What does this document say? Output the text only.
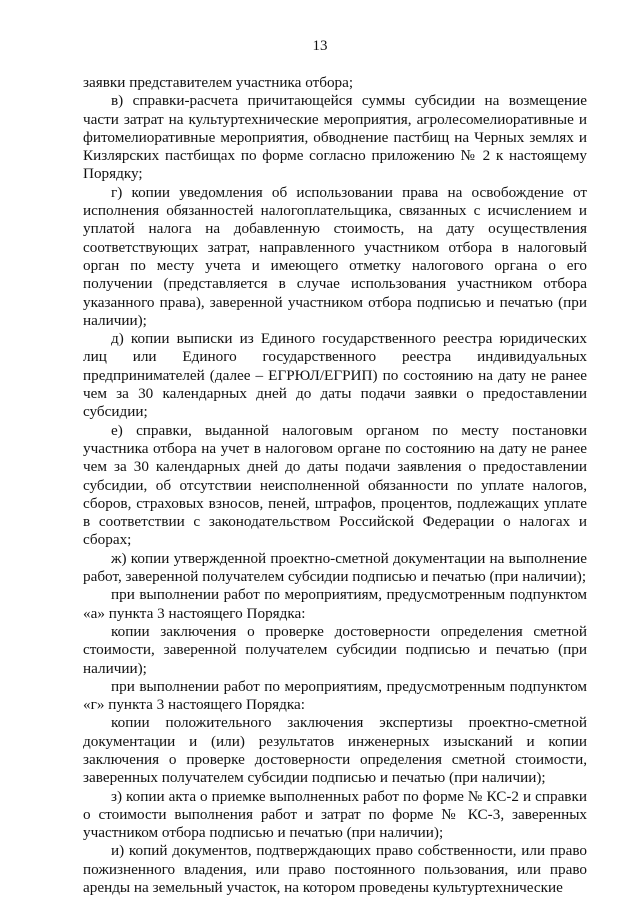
13

заявки представителем участника отбора;

в) справки-расчета причитающейся суммы субсидии на возмещение части затрат на культуртехнические мероприятия, агролесомелиоративные и фитомелиоративные мероприятия, обводнение пастбищ на Черных землях и Кизлярских пастбищах по форме согласно приложению № 2 к настоящему Порядку;

г) копии уведомления об использовании права на освобождение от исполнения обязанностей налогоплательщика, связанных с исчислением и уплатой налога на добавленную стоимость, на дату осуществления соответствующих затрат, направленного участником отбора в налоговый орган по месту учета и имеющего отметку налогового органа о его получении (представляется в случае использования участником отбора указанного права), заверенной участником отбора подписью и печатью (при наличии);

д) копии выписки из Единого государственного реестра юридических лиц или Единого государственного реестра индивидуальных предпринимателей (далее – ЕГРЮЛ/ЕГРИП) по состоянию на дату не ранее чем за 30 календарных дней до даты подачи заявки о предоставлении субсидии;

е) справки, выданной налоговым органом по месту постановки участника отбора на учет в налоговом органе по состоянию на дату не ранее чем за 30 календарных дней до даты подачи заявления о предоставлении субсидии, об отсутствии неисполненной обязанности по уплате налогов, сборов, страховых взносов, пеней, штрафов, процентов, подлежащих уплате в соответствии с законодательством Российской Федерации о налогах и сборах;

ж) копии утвержденной проектно-сметной документации на выполнение работ, заверенной получателем субсидии подписью и печатью (при наличии);

при выполнении работ по мероприятиям, предусмотренным подпунктом «а» пункта 3 настоящего Порядка:

копии заключения о проверке достоверности определения сметной стоимости, заверенной получателем субсидии подписью и печатью (при наличии);

при выполнении работ по мероприятиям, предусмотренным подпунктом «г» пункта 3 настоящего Порядка:

копии положительного заключения экспертизы проектно-сметной документации и (или) результатов инженерных изысканий и копии заключения о проверке достоверности определения сметной стоимости, заверенных получателем субсидии подписью и печатью (при наличии);

з) копии акта о приемке выполненных работ по форме № КС-2 и справки о стоимости выполнения работ и затрат по форме № КС-3, заверенных участником отбора подписью и печатью (при наличии);

и) копий документов, подтверждающих право собственности, или право пожизненного владения, или право постоянного пользования, или право аренды на земельный участок, на котором проведены культуртехнические
